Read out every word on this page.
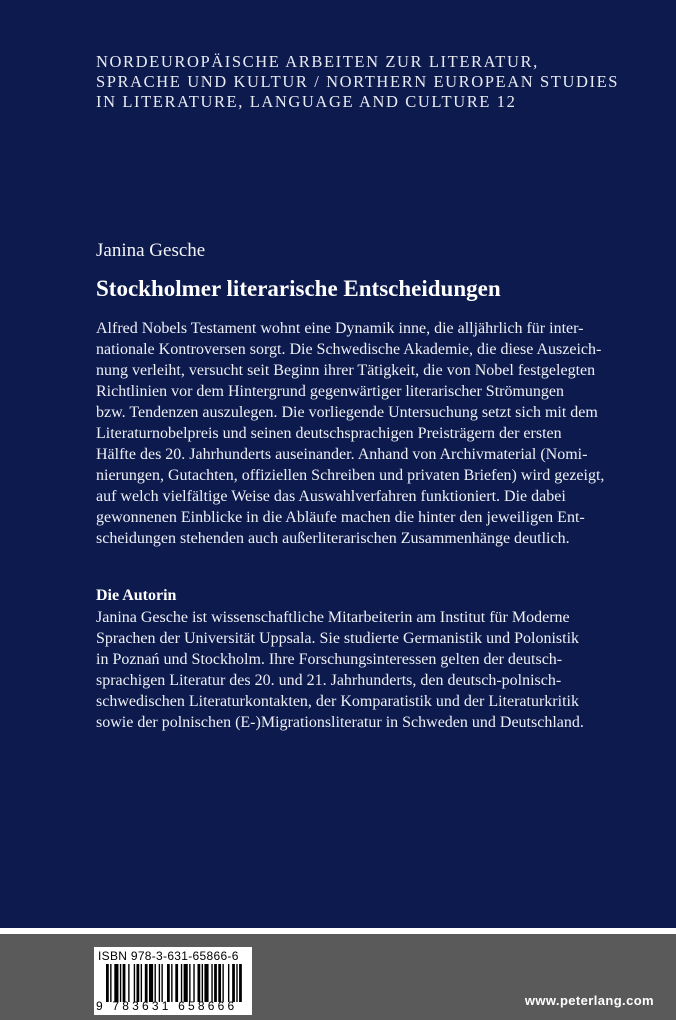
NORDEUROPÄISCHE ARBEITEN ZUR LITERATUR,
SPRACHE UND KULTUR / NORTHERN EUROPEAN STUDIES
IN LITERATURE, LANGUAGE AND CULTURE 12
Janina Gesche
Stockholmer literarische Entscheidungen
Alfred Nobels Testament wohnt eine Dynamik inne, die alljährlich für inter-
nationale Kontroversen sorgt. Die Schwedische Akademie, die diese Auszeich-
nung verleiht, versucht seit Beginn ihrer Tätigkeit, die von Nobel festgelegten
Richtlinien vor dem Hintergrund gegenwärtiger literarischer Strömungen
bzw. Tendenzen auszulegen. Die vorliegende Untersuchung setzt sich mit dem
Literaturnobelpreis und seinen deutschsprachigen Preisträgern der ersten
Hälfte des 20. Jahrhunderts auseinander. Anhand von Archivmaterial (Nomi-
nierungen, Gutachten, offiziellen Schreiben und privaten Briefen) wird gezeigt,
auf welch vielfältige Weise das Auswahlverfahren funktioniert. Die dabei
gewonnenen Einblicke in die Abläufe machen die hinter den jeweiligen Ent-
scheidungen stehenden auch außerliterarischen Zusammenhänge deutlich.
Die Autorin
Janina Gesche ist wissenschaftliche Mitarbeiterin am Institut für Moderne
Sprachen der Universität Uppsala. Sie studierte Germanistik und Polonistik
in Poznań und Stockholm. Ihre Forschungsinteressen gelten der deutsch-
sprachigen Literatur des 20. und 21. Jahrhunderts, den deutsch-polnisch-
schwedischen Literaturkontakten, der Komparatistik und der Literaturkritik
sowie der polnischen (E-)Migrationsliteratur in Schweden und Deutschland.
ISBN 978-3-631-65866-6
9 783631 658666	www.peterlang.com
